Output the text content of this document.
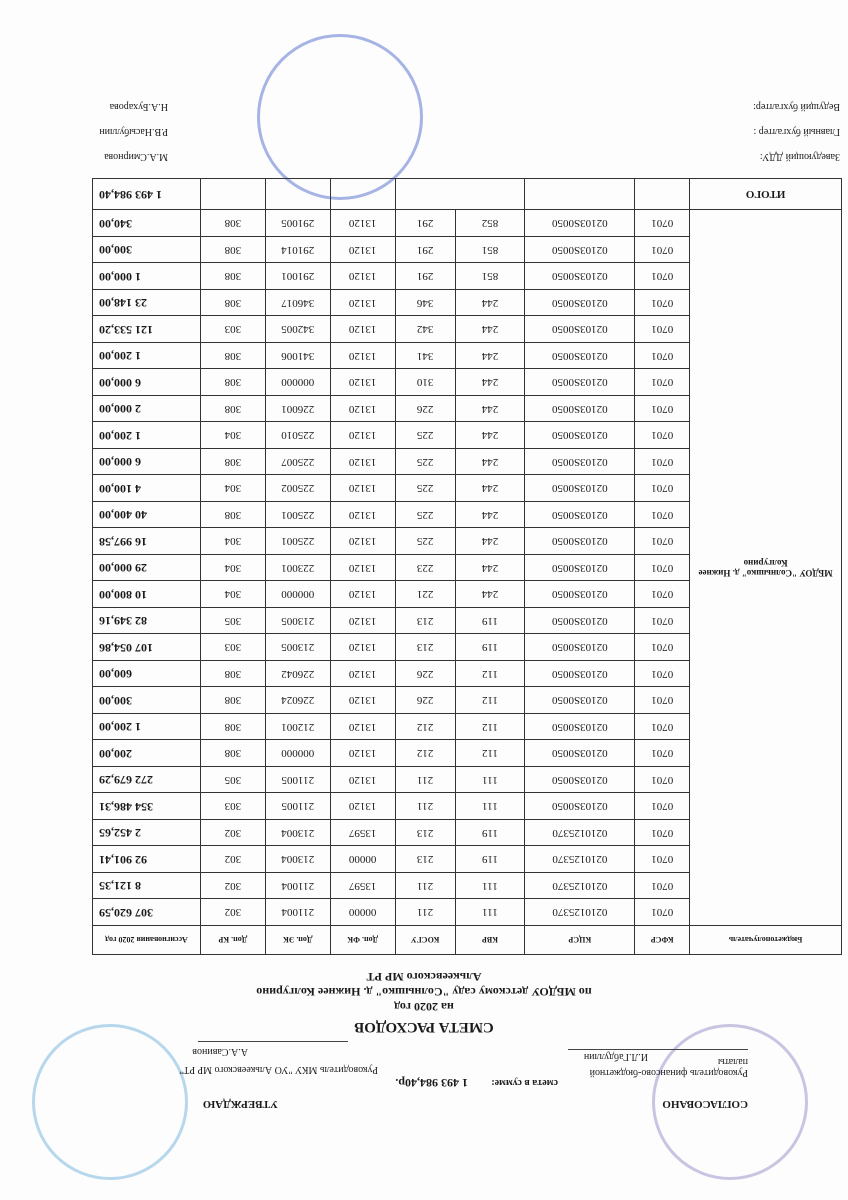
СОГЛАСОВАНО
Руководитель финансово-бюджетной палаты
И.Л.Габдуллин
смета в сумме:
1 493 984,40р.
УТВЕРЖДАЮ
Руководитель МКУ "УО Алькеевского МР РТ"
А.А.Савинов
СМЕТА РАСХОДОВ
на 2020 год
по МБДОУ детскому саду "Солнышко" д. Нижнее Колгурино
Алькеевского МР РТ
Бюджетополучатель	КФСР	КЦСР	КВР	КОСГУ	Доп. ФК	Доп. ЭК	Доп. КР	Ассигнования 2020 год
МБДОУ "Солнышко" д. Нижнее Колгурино	0701	0210125370	111	211	00000	211004	302	307 620,59
	0701	0210125370	111	211	13597	211004	302	8 121,35
	0701	0210125370	119	213	00000	213004	302	92 901,41
	0701	0210125370	119	213	13597	213004	302	2 452,65
	0701	02103S0050	111	211	13120	211005	303	354 486,31
	0701	02103S0050	111	211	13120	211005	305	272 679,29
	0701	02103S0050	112	212	13120	000000	308	200,00
	0701	02103S0050	112	212	13120	212001	308	1 200,00
	0701	02103S0050	112	226	13120	226024	308	300,00
	0701	02103S0050	112	226	13120	226042	308	600,00
	0701	02103S0050	119	213	13120	213005	303	107 054,86
	0701	02103S0050	119	213	13120	213005	305	82 349,16
	0701	02103S0050	244	221	13120	000000	304	10 800,00
	0701	02103S0050	244	223	13120	223001	304	29 000,00
	0701	02103S0050	244	225	13120	225001	304	16 997,58
	0701	02103S0050	244	225	13120	225001	308	40 400,00
	0701	02103S0050	244	225	13120	225002	304	4 100,00
	0701	02103S0050	244	225	13120	225007	308	6 000,00
	0701	02103S0050	244	225	13120	225010	304	1 200,00
	0701	02103S0050	244	226	13120	226001	308	2 000,00
	0701	02103S0050	244	310	13120	000000	308	6 000,00
	0701	02103S0050	244	341	13120	341006	308	1 200,00
	0701	02103S0050	244	342	13120	342005	303	121 533,20
	0701	02103S0050	244	346	13120	346017	308	23 148,00
	0701	02103S0050	851	291	13120	291001	308	1 000,00
	0701	02103S0050	851	291	13120	291014	308	300,00
	0701	02103S0050	852	291	13120	291005	308	340,00
ИТОГО								1 493 984,40
Заведующий ДДУ:
М.А.Смирнова
Главный бухгалтер :
Р.В.Насыбуллин
Ведущий бухгалтер:
Н.А.Бухарова
